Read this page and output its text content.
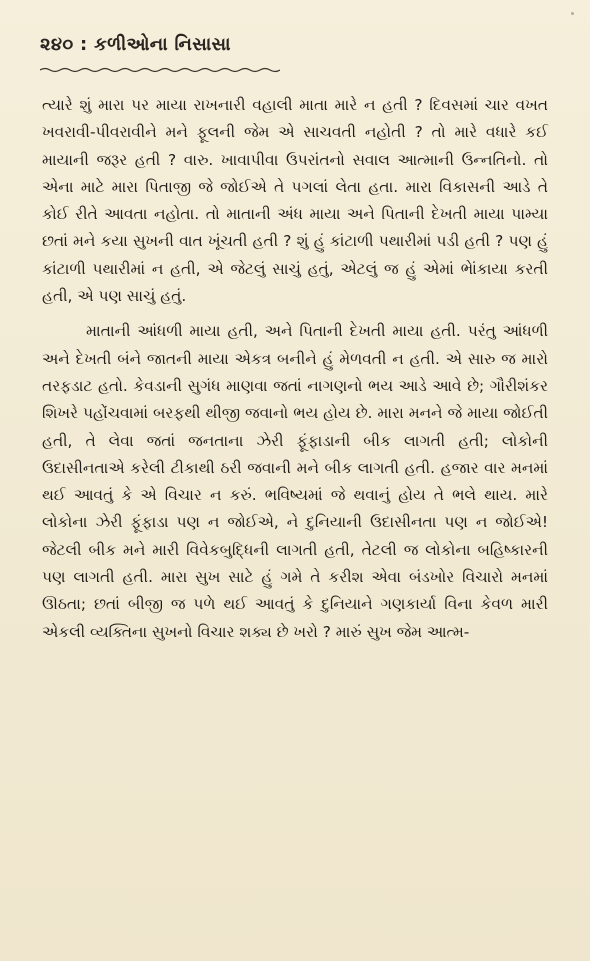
૨૪૦ : કળીઓના નિસાસા

ત્યારે શું મારા પર માયા રાખનારી વહાલી માતા મારે ન હતી ? દિવસમાં ચાર વખત ખવરાવી-પીવરાવીને મને ફૂલની જેમ એ સાચવતી નહોતી ? તો મારે વધારે કઈ માયાની જરૂર હતી ? વારુ. ખાવાપીવા ઉપરાંતનો સવાલ આત્માની ઉન્નતિનો. તો એના માટે મારા પિતાજી જે જોઈએ તે પગલાં લેતા હતા. મારા વિકાસની આડે તે કોઈ રીતે આવતા નહોતા. તો માતાની અંધ માયા અને પિતાની દેખતી માયા પામ્યા છતાં મને કયા સુખની વાત ખૂંચતી હતી ? શું હું કાંટાળી પથારીમાં પડી હતી ? પણ હું કાંટાળી પથારીમાં ન હતી, એ જેટલું સાચું હતું, એટલું જ હું એમાં ભેાંકાયા કરતી હતી, એ પણ સાચું હતું.

માતાની આંધળી માયા હતી, અને પિતાની દેખતી માયા હતી. પરંતુ આંધળી અને દેખતી બંને જાતની માયા એકત્ર બનીને હું મેળવતી ન હતી. એ સારુ જ મારો તરફડાટ હતો. કેવડાની સુગંધ માણવા જતાં નાગણનો ભય આડે આવે છે; ગૌરીશંકર શિખરે પહોંચવામાં બરફથી થીજી જવાનો ભય હોય છે. મારા મનને જે માયા જોઈતી હતી, તે લેવા જતાં જનતાના ઝેરી ફૂંફાડાની બીક લાગતી હતી; લોકોની ઉદાસીનતાએ કરેલી ટીકાથી ઠરી જવાની મને બીક લાગતી હતી. હજાર વાર મનમાં થઈ આવતું કે એ વિચાર ન કરું. ભવિષ્યમાં જે થવાનું હોય તે ભલે થાય. મારે લોકોના ઝેરી ફૂંફાડા પણ ન જોઈએ, ને દુનિયાની ઉદાસીનતા પણ ન જોઈએ! જેટલી બીક મને મારી વિવેકબુદ્ધિની લાગતી હતી, તેટલી જ લોકોના બહિષ્કારની પણ લાગતી હતી. મારા સુખ સાટે હું ગમે તે કરીશ એવા બંડખોર વિચારો મનમાં ઊઠતા; છતાં બીજી જ પળે થઈ આવતું કે દુનિયાને ગણકાર્યા વિના કેવળ મારી એકલી વ્યક્તિના સુખનો વિચાર શક્ય છે ખરો ? મારું સુખ જેમ આત્મ-
